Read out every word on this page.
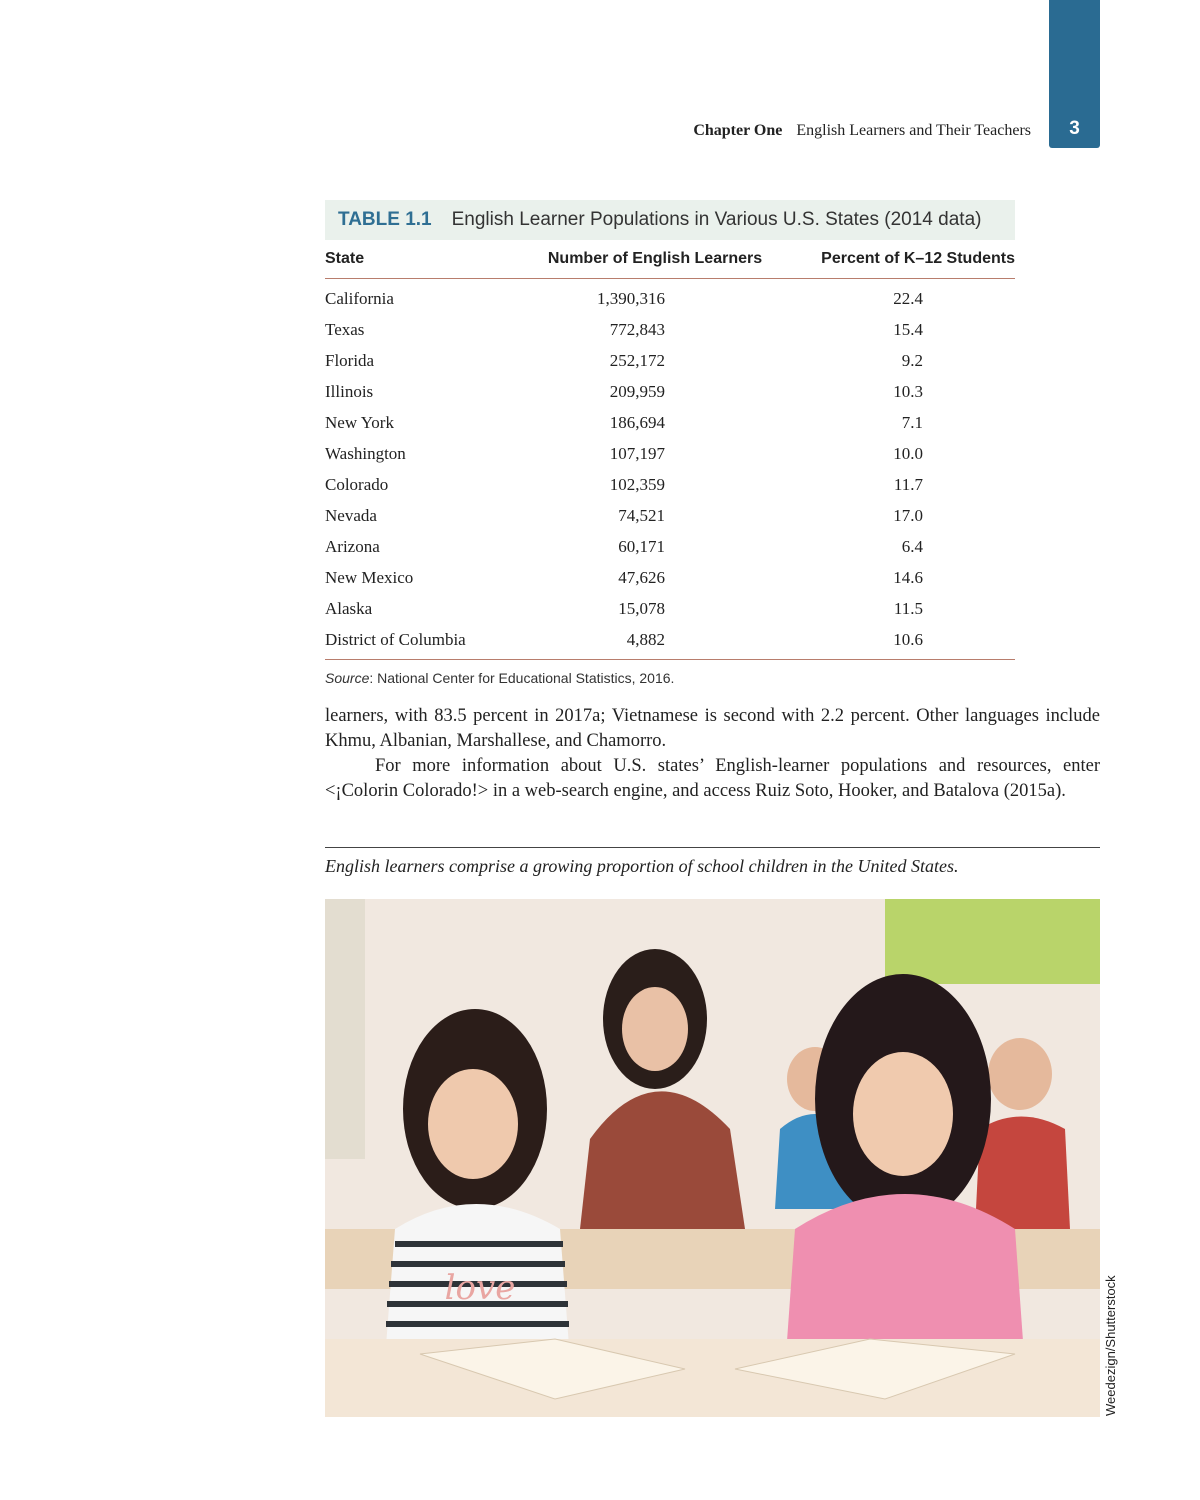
3
Chapter One English Learners and Their Teachers
TABLE 1.1 English Learner Populations in Various U.S. States (2014 data)
State	Number of English Learners	Percent of K–12 Students
California	1,390,316	22.4
Texas	772,843	15.4
Florida	252,172	9.2
Illinois	209,959	10.3
New York	186,694	7.1
Washington	107,197	10.0
Colorado	102,359	11.7
Nevada	74,521	17.0
Arizona	60,171	6.4
New Mexico	47,626	14.6
Alaska	15,078	11.5
District of Columbia	4,882	10.6
Source: National Center for Educational Statistics, 2016.

learners, with 83.5 percent in 2017a; Vietnamese is second with 2.2 percent. Other languages include Khmu, Albanian, Marshallese, and Chamorro.

For more information about U.S. states’ English-learner populations and resources, enter <¡Colorin Colorado!> in a web-search engine, and access Ruiz Soto, Hooker, and Batalova (2015a).

English learners comprise a growing proportion of school children in the United States.
love	Weedezign/Shutterstock
